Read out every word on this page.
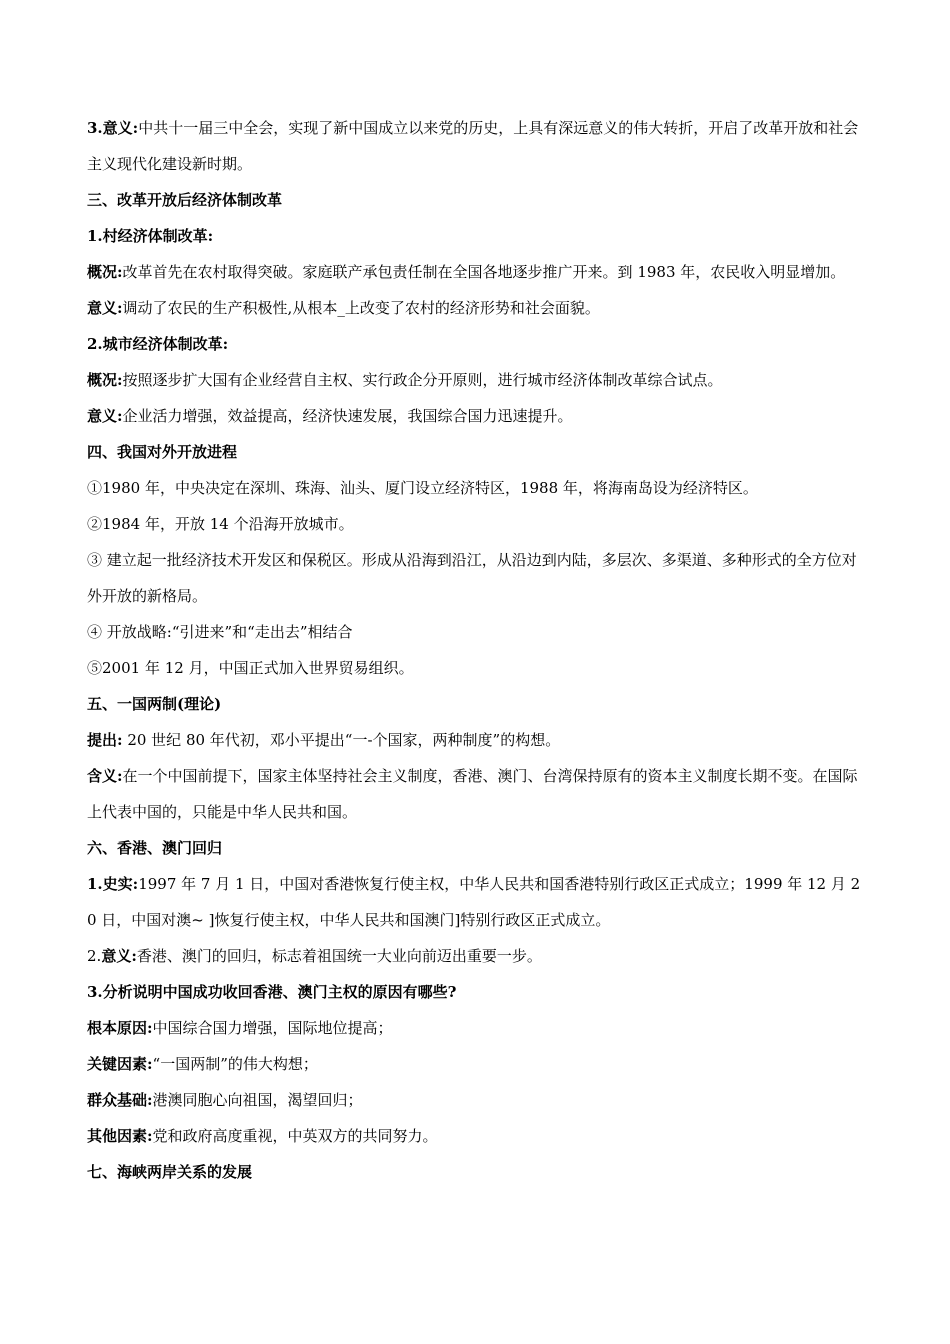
3.意义:中共十一届三中全会，实现了新中国成立以来党的历史，上具有深远意义的伟大转折，开启了改革开放和社会主义现代化建设新时期。

三、改革开放后经济体制改革

1.村经济体制改革:

概况:改革首先在农村取得突破。家庭联产承包责任制在全国各地逐步推广开来。到 1983 年，农民收入明显增加。

意义:调动了农民的生产积极性,从根本_上改变了农村的经济形势和社会面貌。

2.城市经济体制改革:

概况:按照逐步扩大国有企业经营自主权、实行政企分开原则，进行城市经济体制改革综合试点。

意义:企业活力增强，效益提高，经济快速发展，我国综合国力迅速提升。

四、我国对外开放进程

①1980 年，中央决定在深圳、珠海、汕头、厦门设立经济特区，1988 年，将海南岛设为经济特区。

②1984 年，开放 14 个沿海开放城市。

③ 建立起一批经济技术开发区和保税区。形成从沿海到沿江，从沿边到内陆，多层次、多渠道、多种形式的全方位对外开放的新格局。

④ 开放战略:“引进来”和“走出去”相结合

⑤2001 年 12 月，中国正式加入世界贸易组织。

五、一国两制(理论)

提出: 20 世纪 80 年代初，邓小平提出“一-个国家，两种制度”的构想。

含义:在一个中国前提下，国家主体坚持社会主义制度，香港、澳门、台湾保持原有的资本主义制度长期不变。在国际上代表中国的，只能是中华人民共和国。

六、香港、澳门回归

1.史实:1997 年 7 月 1 日，中国对香港恢复行使主权，中华人民共和国香港特别行政区正式成立；1999 年 12 月 20 日，中国对澳~ ]恢复行使主权，中华人民共和国澳门]特别行政区正式成立。

2.意义:香港、澳门的回归，标志着祖国统一大业向前迈出重要一步。

3.分析说明中国成功收回香港、澳门主权的原因有哪些?

根本原因:中国综合国力增强，国际地位提高；

关键因素:“一国两制”的伟大构想；

群众基础:港澳同胞心向祖国，渴望回归；

其他因素:党和政府高度重视，中英双方的共同努力。

七、海峡两岸关系的发展
